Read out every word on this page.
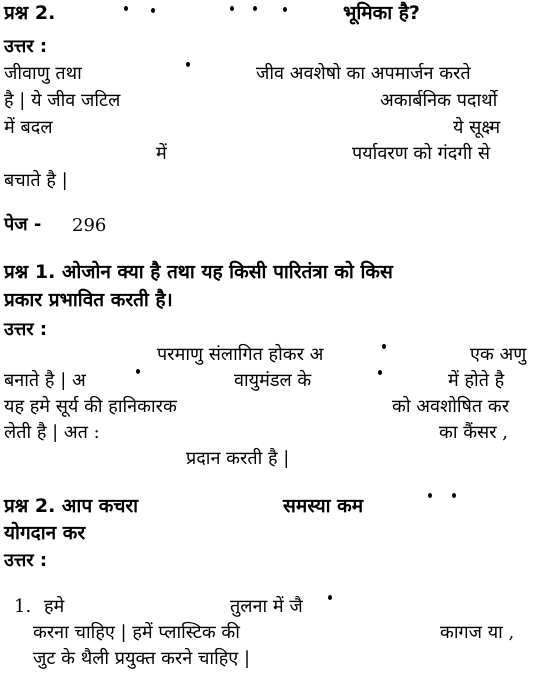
प्रश्न 2.	भूमिका है?
उत्तर :
जीवाणु तथा	जीव अवशेषो का अपमार्जन करते
है | ये जीव जटिल	अकार्बनिक पदार्थो
में बदल	ये सूक्ष्म
में	पर्यावरण को गंदगी से
बचाते है |
पेज - 296
प्रश्न 1. ओजोन क्या है तथा यह किसी पारितंत्रा को किस
प्रकार प्रभावित करती है।
उत्तर :
परमाणु संलागित होकर अ	एक अणु
बनाते है | अ	वायुमंडल के	में होते है
यह हमे सूर्य की हानिकारक	को अवशोषित कर
लेती है | अत :	का कैंसर ,
प्रदान करती है |
प्रश्न 2. आप कचरा	समस्या कम
योगदान कर
उत्तर :
1. हमे	तुलना में जै
करना चाहिए | हमें प्लास्टिक की	कागज या ,
जुट के थैली प्रयुक्त करने चाहिए |
